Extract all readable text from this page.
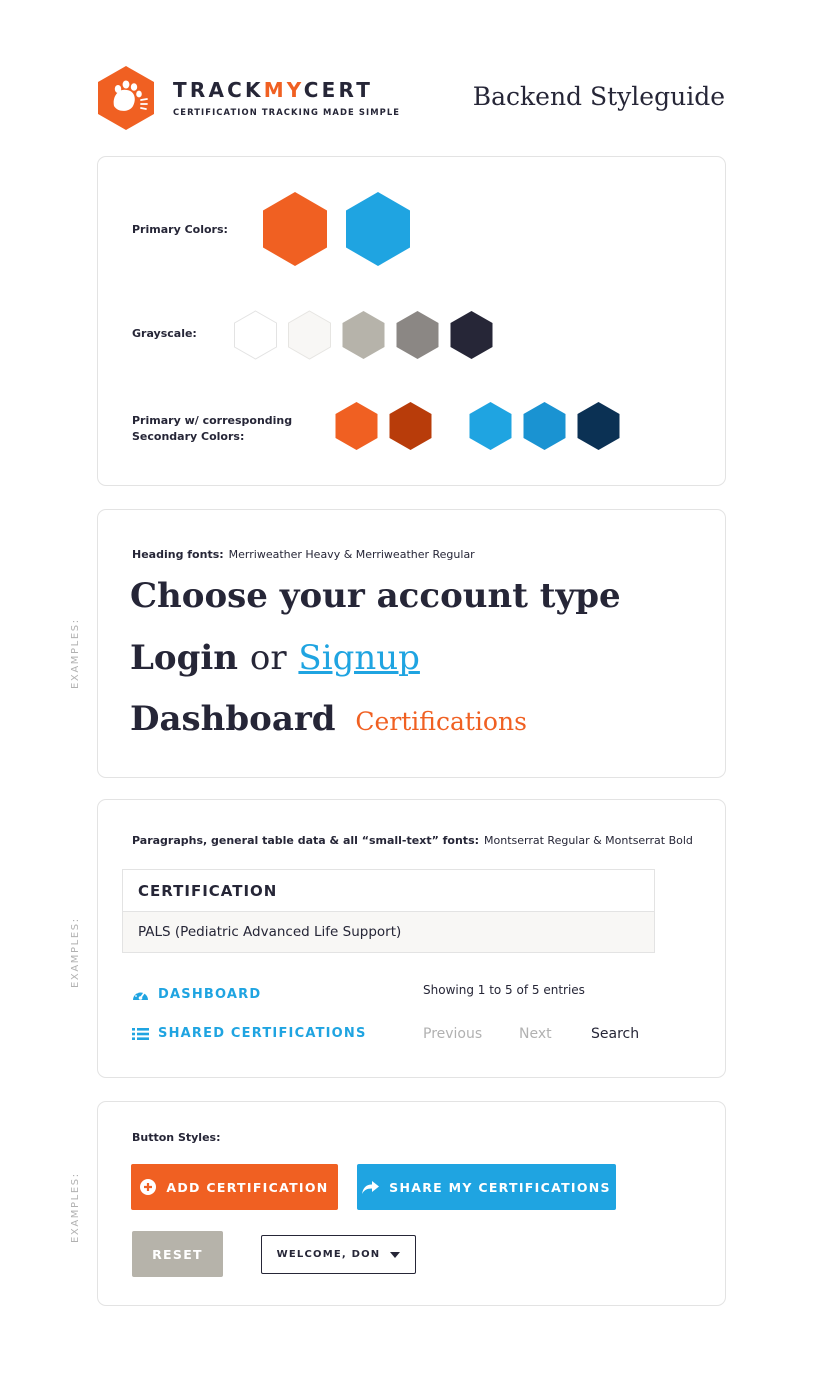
TRACKMYCERT
CERTIFICATION TRACKING MADE SIMPLE
Backend Styleguide
Primary Colors:
Grayscale:
Primary w/ corresponding
Secondary Colors:
EXAMPLES:
Heading fonts: Merriweather Heavy & Merriweather Regular
Choose your account type
Login or Signup
Dashboard Certifications
EXAMPLES:
Paragraphs, general table data & all “small-text” fonts: Montserrat Regular & Montserrat Bold
CERTIFICATION
PALS (Pediatric Advanced Life Support)
DASHBOARD
SHARED CERTIFICATIONS
Showing 1 to 5 of 5 entries
Previous	Next	Search
EXAMPLES:
Button Styles:
ADD CERTIFICATION	SHARE MY CERTIFICATIONS
RESET	WELCOME, DON
